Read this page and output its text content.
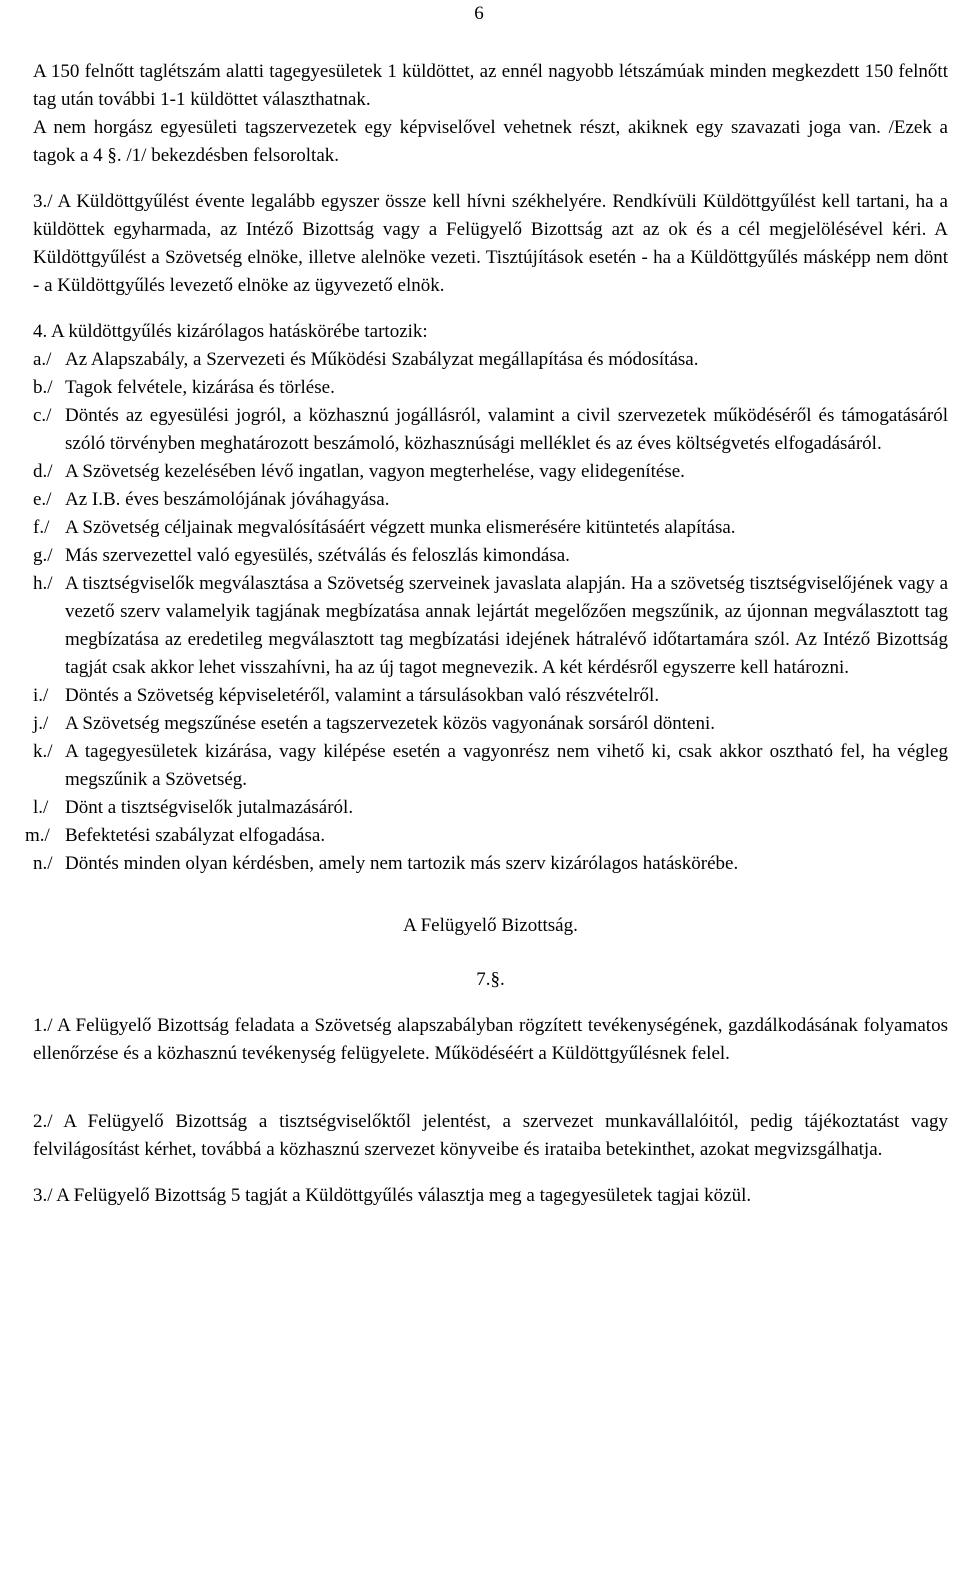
6

A 150 felnőtt taglétszám alatti tagegyesületek 1 küldöttet, az ennél nagyobb létszámúak minden megkezdett 150 felnőtt tag után további 1-1 küldöttet választhatnak.

A nem horgász egyesületi tagszervezetek egy képviselővel vehetnek részt, akiknek egy szavazati joga van. /Ezek a tagok a 4 §. /1/ bekezdésben felsoroltak.

3./ A Küldöttgyűlést évente legalább egyszer össze kell hívni székhelyére. Rendkívüli Küldöttgyűlést kell tartani, ha a küldöttek egyharmada, az Intéző Bizottság vagy a Felügyelő Bizottság azt az ok és a cél megjelölésével kéri. A Küldöttgyűlést a Szövetség elnöke, illetve alelnöke vezeti. Tisztújítások esetén - ha a Küldöttgyűlés másképp nem dönt - a Küldöttgyűlés levezető elnöke az ügyvezető elnök.

4. A küldöttgyűlés kizárólagos hatáskörébe tartozik:

a./ Az Alapszabály, a Szervezeti és Működési Szabályzat megállapítása és módosítása.
b./ Tagok felvétele, kizárása és törlése.
c./ Döntés az egyesülési jogról, a közhasznú jogállásról, valamint a civil szervezetek működéséről és támogatásáról szóló törvényben meghatározott beszámoló, közhasznúsági melléklet és az éves költségvetés elfogadásáról.
d./ A Szövetség kezelésében lévő ingatlan, vagyon megterhelése, vagy elidegenítése.
e./ Az I.B. éves beszámolójának jóváhagyása.
f./ A Szövetség céljainak megvalósításáért végzett munka elismerésére kitüntetés alapítása.
g./ Más szervezettel való egyesülés, szétválás és feloszlás kimondása.
h./ A tisztségviselők megválasztása a Szövetség szerveinek javaslata alapján. Ha a szövetség tisztségviselőjének vagy a vezető szerv valamelyik tagjának megbízatása annak lejártát megelőzően megszűnik, az újonnan megválasztott tag megbízatása az eredetileg megválasztott tag megbízatási idejének hátralévő időtartamára szól. Az Intéző Bizottság tagját csak akkor lehet visszahívni, ha az új tagot megnevezik. A két kérdésről egyszerre kell határozni.
i./ Döntés a Szövetség képviseletéről, valamint a társulásokban való részvételről.
j./ A Szövetség megszűnése esetén a tagszervezetek közös vagyonának sorsáról dönteni.
k./ A tagegyesületek kizárása, vagy kilépése esetén a vagyonrész nem vihető ki, csak akkor osztható fel, ha végleg megszűnik a Szövetség.
l./ Dönt a tisztségviselők jutalmazásáról.
m./ Befektetési szabályzat elfogadása.
n./ Döntés minden olyan kérdésben, amely nem tartozik más szerv kizárólagos hatáskörébe.

A Felügyelő Bizottság.

7.§.

1./ A Felügyelő Bizottság feladata a Szövetség alapszabályban rögzített tevékenységének, gazdálkodásának folyamatos ellenőrzése és a közhasznú tevékenység felügyelete. Működéséért a Küldöttgyűlésnek felel.

2./ A Felügyelő Bizottság a tisztségviselőktől jelentést, a szervezet munkavállalóitól, pedig tájékoztatást vagy felvilágosítást kérhet, továbbá a közhasznú szervezet könyveibe és irataiba betekinthet, azokat megvizsgálhatja.

3./ A Felügyelő Bizottság 5 tagját a Küldöttgyűlés választja meg a tagegyesületek tagjai közül.
